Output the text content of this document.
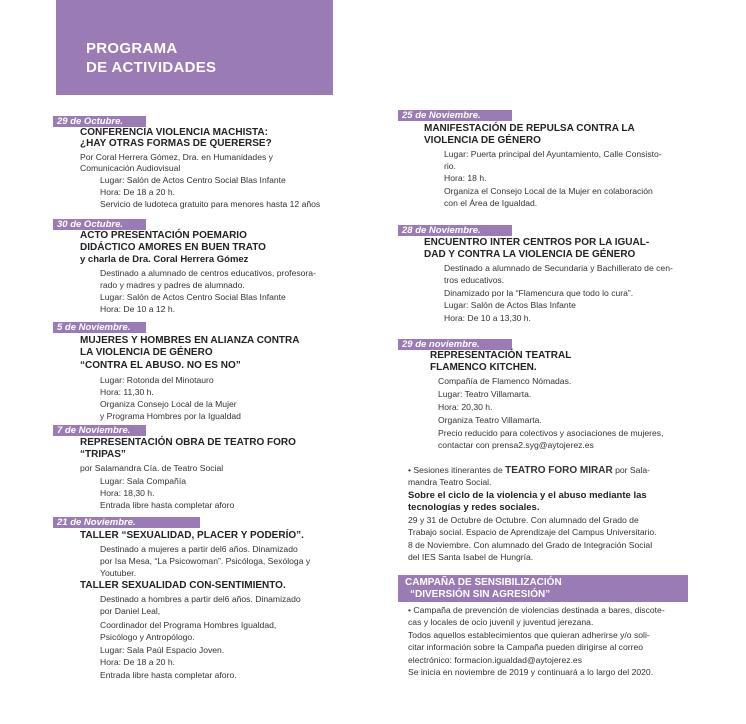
PROGRAMA
DE ACTIVIDADES
29 de Octubre.
CONFERENCIA VIOLENCIA MACHISTA:
¿HAY OTRAS FORMAS DE QUERERSE?
Por Coral Herrera Gómez, Dra. en Humanidades y
Comunicación Audiovisual
Lugar: Salón de Actos Centro Social Blas Infante
Hora: De 18 a 20 h.
Servicio de ludoteca gratuito para menores hasta 12 años
30 de Octubre.
ACTO PRESENTACIÓN POEMARIO
DIDÁCTICO AMORES EN BUEN TRATO
y charla de Dra. Coral Herrera Gómez
Destinado a alumnado de centros educativos, profesora-
rado y madres y padres de alumnado.
Lugar: Salón de Actos Centro Social Blas Infante
Hora: De 10 a 12 h.
5 de Noviembre.
MUJERES Y HOMBRES EN ALIANZA CONTRA
LA VIOLENCIA DE GÉNERO
“CONTRA EL ABUSO. NO ES NO”
Lugar: Rotonda del Minotauro
Hora: 11,30 h.
Organiza Consejo Local de la Mujer
y Programa Hombres por la Igualdad
7 de Noviembre.
REPRESENTACIÓN OBRA DE TEATRO FORO
“TRIPAS”
por Salamandra Cía. de Teatro Social
Lugar: Sala Compañía
Hora: 18,30 h.
Entrada libre hasta completar aforo
21 de Noviembre.
TALLER “SEXUALIDAD, PLACER Y PODERÍO”.
Destinado a mujeres a partir del6 años. Dinamizado
por Isa Mesa, “La Psicowoman”. Psicóloga, Sexóloga y
Youtuber.
TALLER SEXUALIDAD CON-SENTIMIENTO.
Destinado a hombres a partir del6 años. Dinamizado
por Daniel Leal,
Coordinador del Programa Hombres Igualdad,
Psicólogo y Antropólogo.
Lugar: Sala Paúl Espacio Joven.
Hora: De 18 a 20 h.
Entrada libre hasta completar aforo.
25 de Noviembre.
MANIFESTACIÓN DE REPULSA CONTRA LA
VIOLENCIA DE GÉNERO
Lugar: Puerta principal del Ayuntamiento, Calle Consisto-
rio.
Hora: 18 h.
Organiza el Consejo Local de la Mujer en colaboración
con el Área de Igualdad.
28 de Noviembre.
ENCUENTRO INTER CENTROS POR LA IGUAL-
DAD Y CONTRA LA VIOLENCIA DE GÉNERO
Destinado a alumnado de Secundaria y Bachillerato de cen-
tros educativos.
Dinamizado por la “Flamencura que todo lo cura”.
Lugar: Salón de Actos Blas Infante
Hora: De 10 a 13,30 h.
29 de noviembre.
REPRESENTACIÓN TEATRAL
FLAMENCO KITCHEN.
Compañía de Flamenco Nómadas.
Lugar: Teatro Villamarta.
Hora: 20,30 h.
Organiza Teatro Villamarta.
Precio reducido para colectivos y asociaciones de mujeres,
contactar con prensa2.syg@aytojerez.es
• Sesiones itinerantes de TEATRO FORO MIRAR por Sala-
mandra Teatro Social.
Sobre el ciclo de la violencia y el abuso mediante las
tecnologías y redes sociales.
29 y 31 de Octubre de Octubre. Con alumnado del Grado de
Trabajo social. Espacio de Aprendizaje del Campus Universitario.
8 de Noviembre. Con alumnado del Grado de Integración Social
del IES Santa Isabel de Hungría.
CAMPAÑA DE SENSIBILIZACIÓN
“DIVERSIÓN SIN AGRESIÓN”
• Campaña de prevención de violencias destinada a bares, discote-
cas y locales de ocio juvenil y juventud jerezana.
Todos aquellos establecimientos que quieran adherirse y/o soli-
citar información sobre la Campaña pueden dirigirse al correo
electrónico: formacion.igualdad@aytojerez.es
Se inicia en noviembre de 2019 y continuará a lo largo del 2020.
